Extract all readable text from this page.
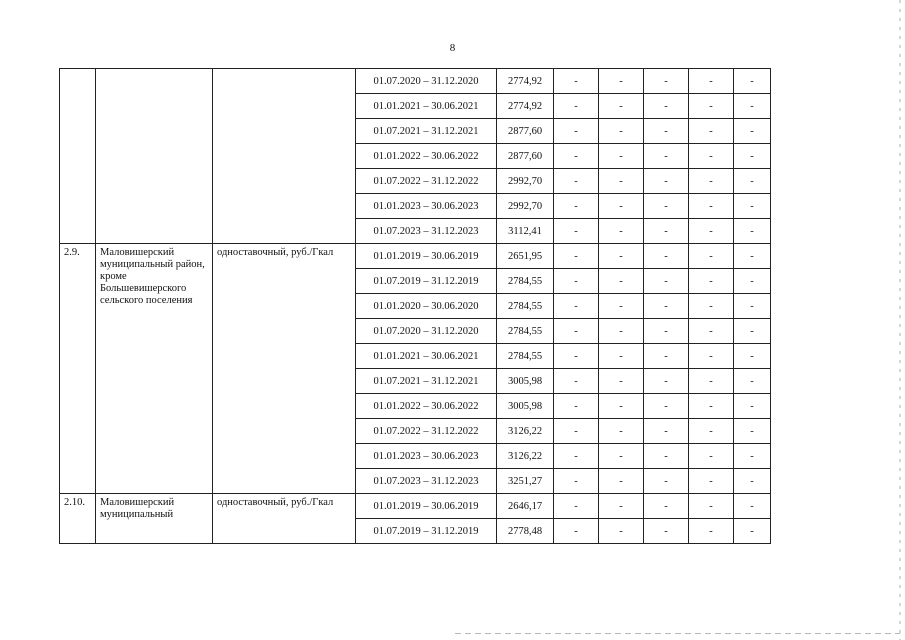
8
			01.07.2020 – 31.12.2020	2774,92	-	-	-	-	-
			01.01.2021 – 30.06.2021	2774,92	-	-	-	-	-
			01.07.2021 – 31.12.2021	2877,60	-	-	-	-	-
			01.01.2022 – 30.06.2022	2877,60	-	-	-	-	-
			01.07.2022 – 31.12.2022	2992,70	-	-	-	-	-
			01.01.2023 – 30.06.2023	2992,70	-	-	-	-	-
			01.07.2023 – 31.12.2023	3112,41	-	-	-	-	-
2.9.	Маловишерский муниципальный район, кроме Большевишерского сельского поселения	одноставочный, руб./Гкал	01.01.2019 – 30.06.2019	2651,95	-	-	-	-	-
			01.07.2019 – 31.12.2019	2784,55	-	-	-	-	-
			01.01.2020 – 30.06.2020	2784,55	-	-	-	-	-
			01.07.2020 – 31.12.2020	2784,55	-	-	-	-	-
			01.01.2021 – 30.06.2021	2784,55	-	-	-	-	-
			01.07.2021 – 31.12.2021	3005,98	-	-	-	-	-
			01.01.2022 – 30.06.2022	3005,98	-	-	-	-	-
			01.07.2022 – 31.12.2022	3126,22	-	-	-	-	-
			01.01.2023 – 30.06.2023	3126,22	-	-	-	-	-
			01.07.2023 – 31.12.2023	3251,27	-	-	-	-	-
2.10.	Маловишерский муниципальный	одноставочный, руб./Гкал	01.01.2019 – 30.06.2019	2646,17	-	-	-	-	-
			01.07.2019 – 31.12.2019	2778,48	-	-	-	-	-
